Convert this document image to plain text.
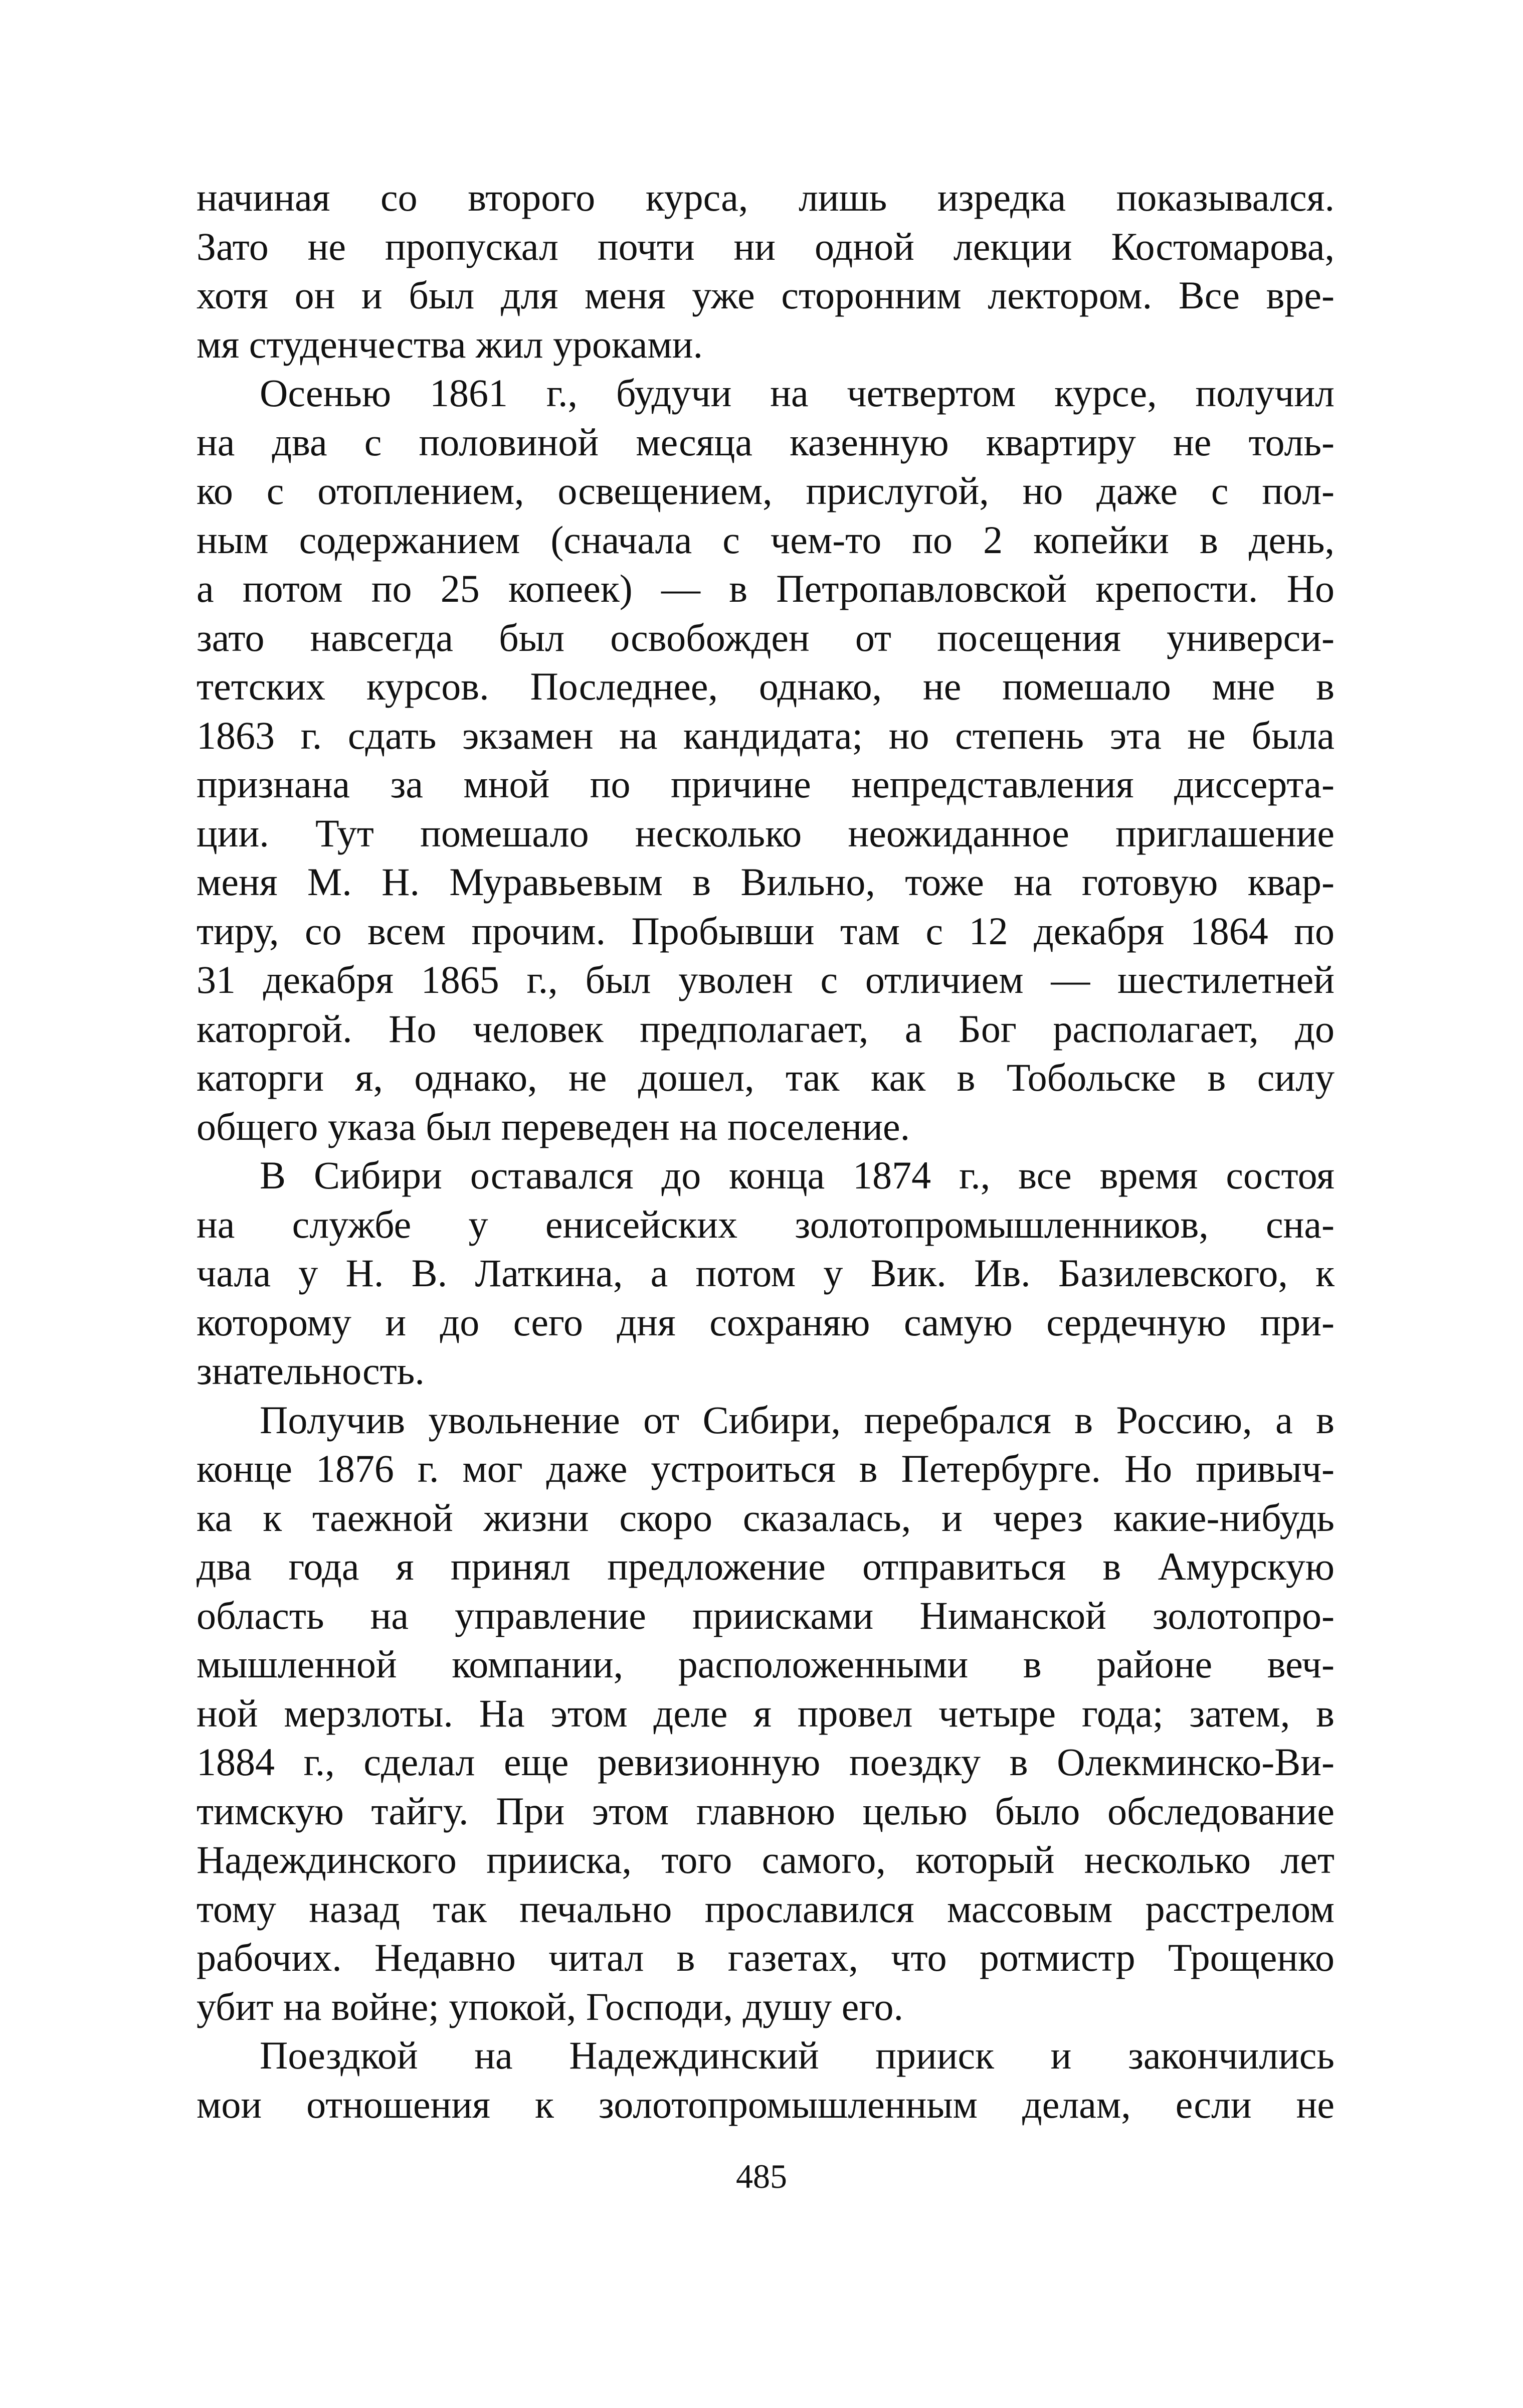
начиная со второго курса, лишь изредка показывался.
Зато не пропускал почти ни одной лекции Костомарова,
хотя он и был для меня уже сторонним лектором. Все вре-
мя студенчества жил уроками.
Осенью 1861 г., будучи на четвертом курсе, получил
на два с половиной месяца казенную квартиру не толь-
ко с отоплением, освещением, прислугой, но даже с пол-
ным содержанием (сначала с чем-то по 2 копейки в день,
а потом по 25 копеек) — в Петропавловской крепости. Но
зато навсегда был освобожден от посещения универси-
тетских курсов. Последнее, однако, не помешало мне в
1863 г. сдать экзамен на кандидата; но степень эта не была
признана за мной по причине непредставления диссерта-
ции. Тут помешало несколько неожиданное приглашение
меня М. Н. Муравьевым в Вильно, тоже на готовую квар-
тиру, со всем прочим. Пробывши там с 12 декабря 1864 по
31 декабря 1865 г., был уволен с отличием — шестилетней
каторгой. Но человек предполагает, а Бог располагает, до
каторги я, однако, не дошел, так как в Тобольске в силу
общего указа был переведен на поселение.
В Сибири оставался до конца 1874 г., все время состоя
на службе у енисейских золотопромышленников, сна-
чала у Н. В. Латкина, а потом у Вик. Ив. Базилевского, к
которому и до сего дня сохраняю самую сердечную при-
знательность.
Получив увольнение от Сибири, перебрался в Россию, а в
конце 1876 г. мог даже устроиться в Петербурге. Но привыч-
ка к таежной жизни скоро сказалась, и через какие-нибудь
два года я принял предложение отправиться в Амурскую
область на управление приисками Ниманской золотопро-
мышленной компании, расположенными в районе веч-
ной мерзлоты. На этом деле я провел четыре года; затем, в
1884 г., сделал еще ревизионную поездку в Олекминско-Ви-
тимскую тайгу. При этом главною целью было обследование
Надеждинского прииска, того самого, который несколько лет
тому назад так печально прославился массовым расстрелом
рабочих. Недавно читал в газетах, что ротмистр Трощенко
убит на войне; упокой, Господи, душу его.
Поездкой на Надеждинский прииск и закончились
мои отношения к золотопромышленным делам, если не
485
